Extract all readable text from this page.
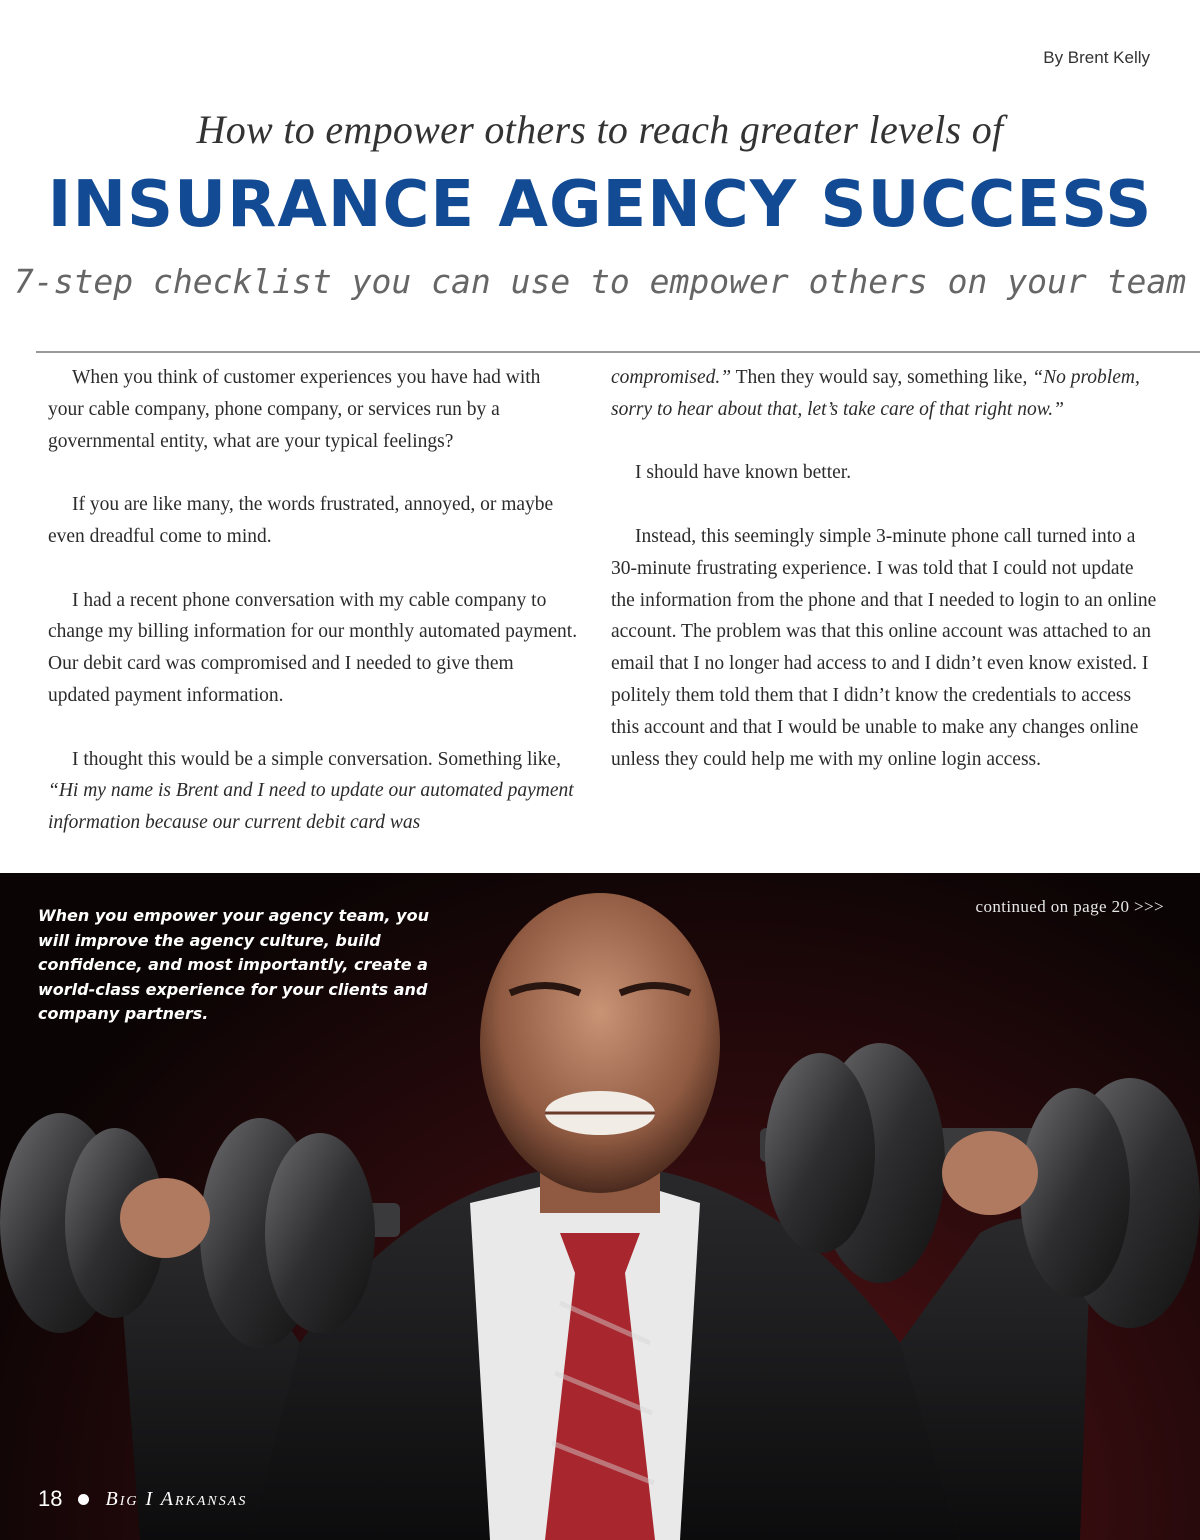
By Brent Kelly
How to empower others to reach greater levels of
INSURANCE AGENCY SUCCESS
7-step checklist you can use to empower others on your team

When you think of customer experiences you have had with your cable company, phone company, or services run by a governmental entity, what are your typical feelings?

If you are like many, the words frustrated, annoyed, or maybe even dreadful come to mind.

I had a recent phone conversation with my cable company to change my billing information for our monthly automated payment. Our debit card was compromised and I needed to give them updated payment information.

I thought this would be a simple conversation. Something like, “Hi my name is Brent and I need to update our automated payment information because our current debit card was

compromised.” Then they would say, something like, “No problem, sorry to hear about that, let’s take care of that right now.”

I should have known better.

Instead, this seemingly simple 3-minute phone call turned into a 30-minute frustrating experience. I was told that I could not update the information from the phone and that I needed to login to an online account. The problem was that this online account was attached to an email that I no longer had access to and I didn’t even know existed. I politely them told them that I didn’t know the credentials to access this account and that I would be unable to make any changes online unless they could help me with my online login access.

When you empower your agency team, you will improve the agency culture, build confidence, and most importantly, create a world-class experience for your clients and company partners.
continued on page 20 >>>
18 Big I Arkansas
